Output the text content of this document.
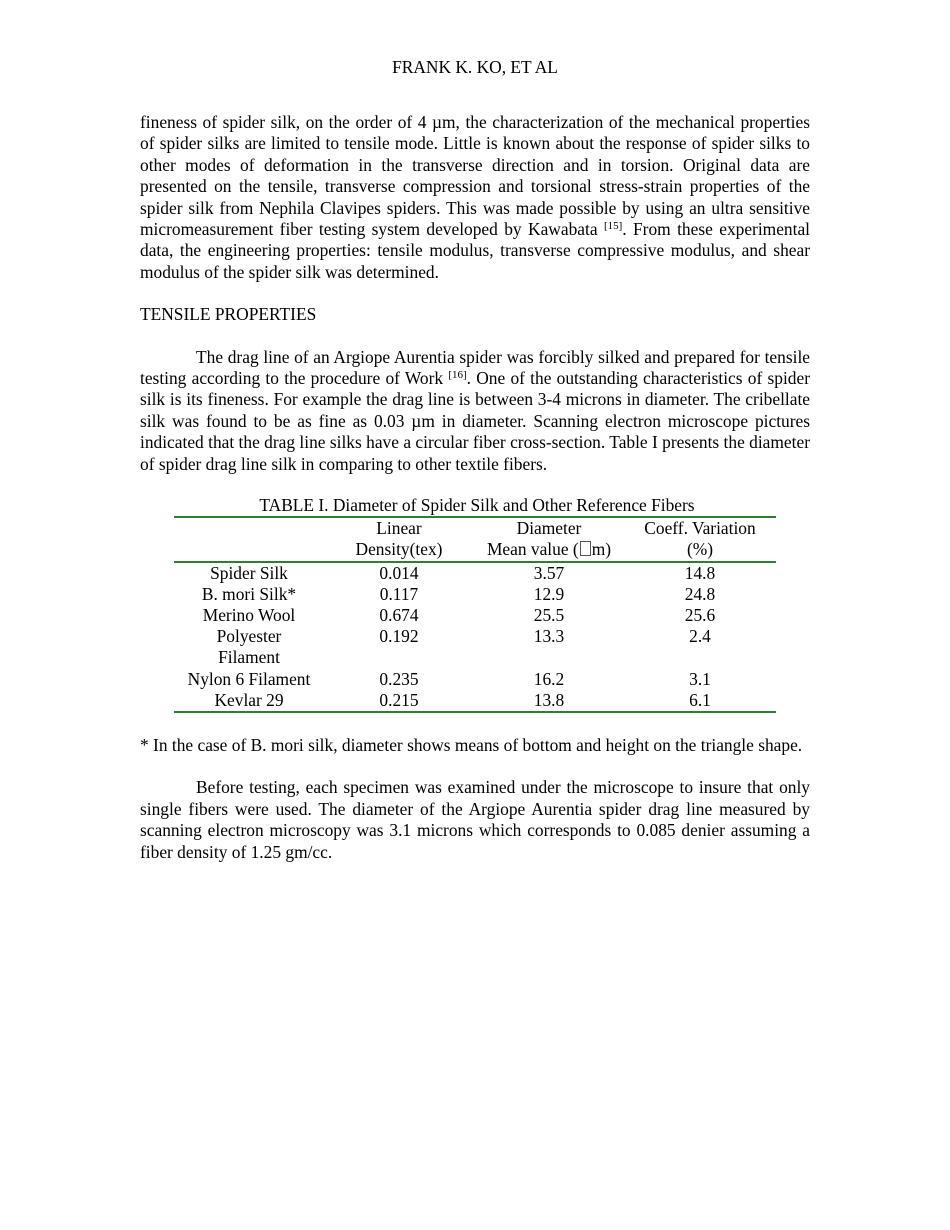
FRANK K. KO, ET AL

fineness of spider silk, on the order of 4 µm, the characterization of the mechanical properties of spider silks are limited to tensile mode. Little is known about the response of spider silks to other modes of deformation in the transverse direction and in torsion. Original data are presented on the tensile, transverse compression and torsional stress-strain properties of the spider silk from Nephila Clavipes spiders. This was made possible by using an ultra sensitive micromeasurement fiber testing system developed by Kawabata [15]. From these experimental data, the engineering properties: tensile modulus, transverse compressive modulus, and shear modulus of the spider silk was determined.

TENSILE PROPERTIES

The drag line of an Argiope Aurentia spider was forcibly silked and prepared for tensile testing according to the procedure of Work [16]. One of the outstanding characteristics of spider silk is its fineness. For example the drag line is between 3-4 microns in diameter. The cribellate silk was found to be as fine as 0.03 µm in diameter. Scanning electron microscope pictures indicated that the drag line silks have a circular fiber cross-section. Table I presents the diameter of spider drag line silk in comparing to other textile fibers.

TABLE I. Diameter of Spider Silk and Other Reference Fibers
	Linear	Diameter	Coeff. Variation
	Density(tex)	Mean value ( m)	(%)
Spider Silk	0.014	3.57	14.8
B. mori Silk*	0.117	12.9	24.8
Merino Wool	0.674	25.5	25.6
Polyester Filament	0.192	13.3	2.4
Nylon 6 Filament	0.235	16.2	3.1
Kevlar 29	0.215	13.8	6.1

* In the case of B. mori silk, diameter shows means of bottom and height on the triangle shape.

Before testing, each specimen was examined under the microscope to insure that only single fibers were used. The diameter of the Argiope Aurentia spider drag line measured by scanning electron microscopy was 3.1 microns which corresponds to 0.085 denier assuming a fiber density of 1.25 gm/cc.
